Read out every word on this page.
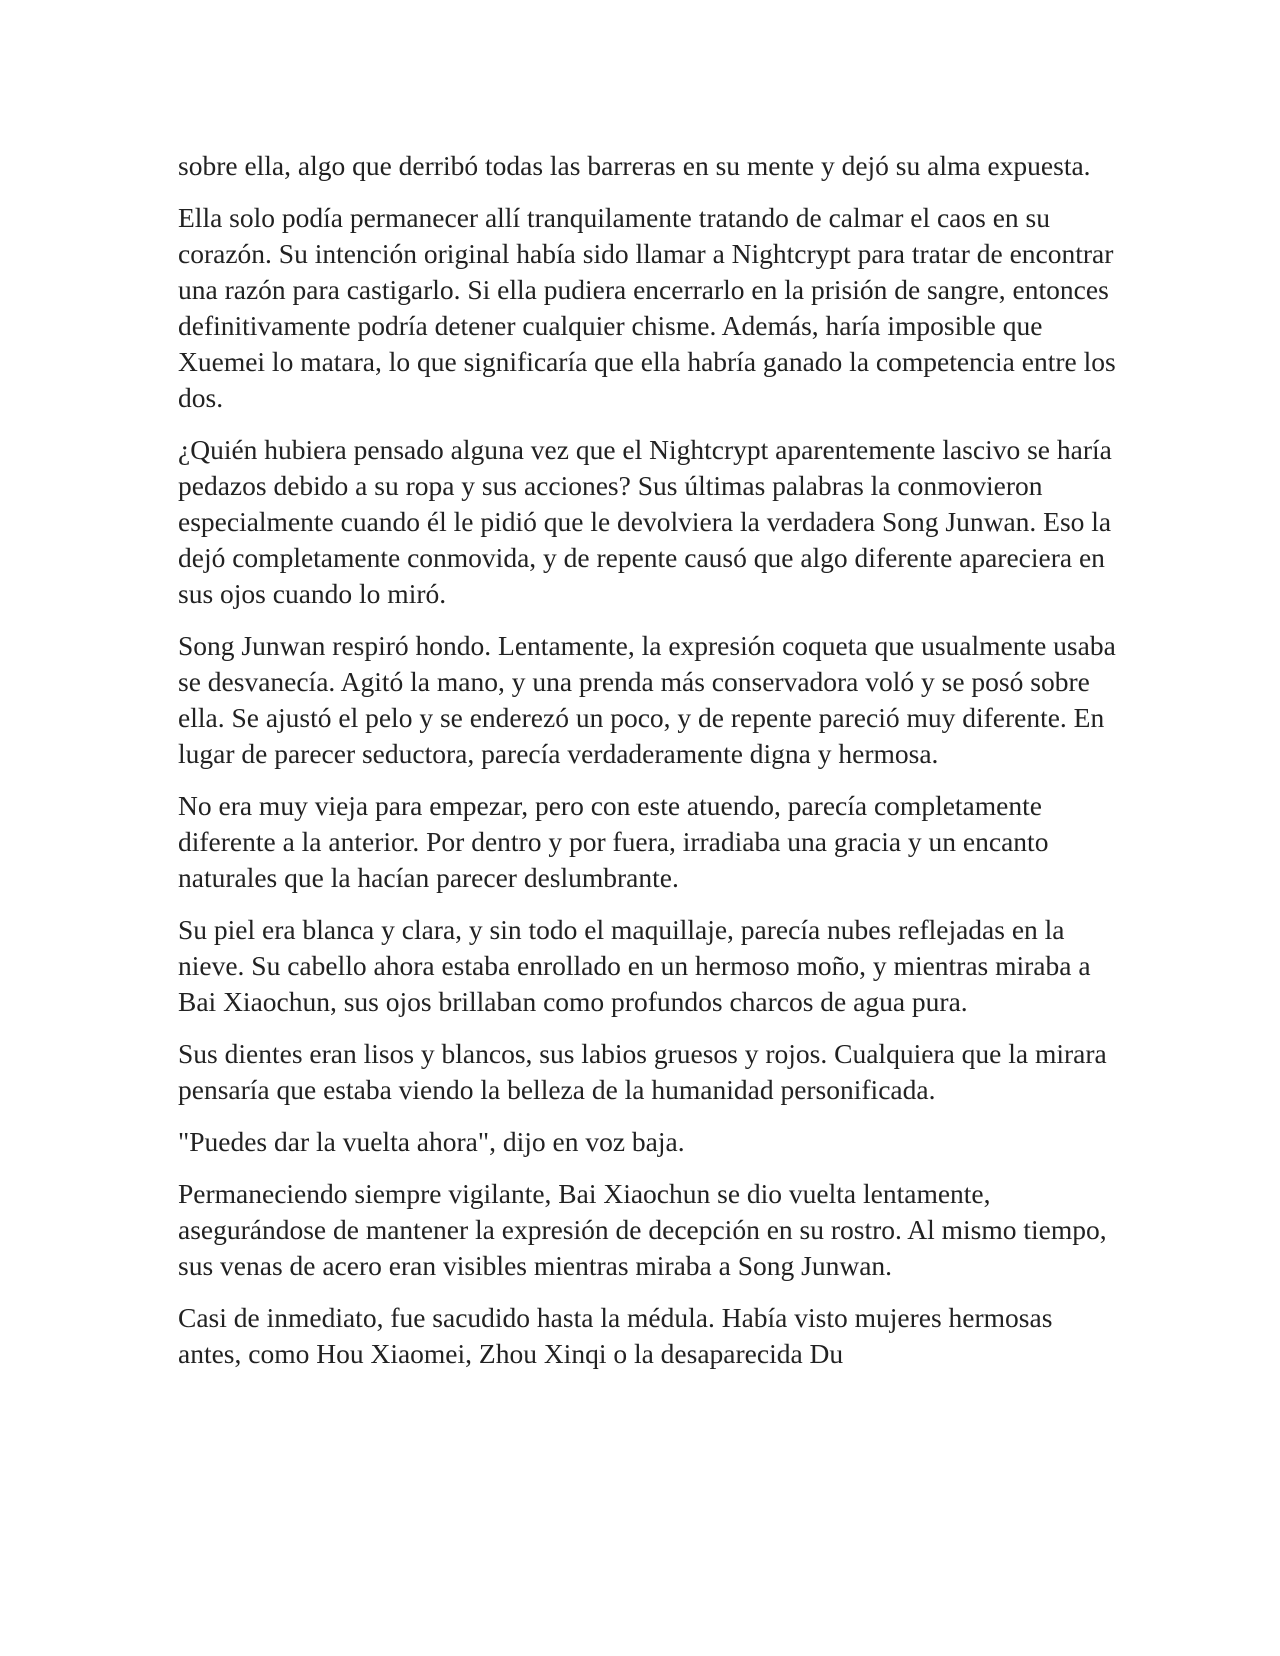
sobre ella, algo que derribó todas las barreras en su mente y dejó su alma expuesta.

Ella solo podía permanecer allí tranquilamente tratando de calmar el caos en su corazón. Su intención original había sido llamar a Nightcrypt para tratar de encontrar una razón para castigarlo. Si ella pudiera encerrarlo en la prisión de sangre, entonces definitivamente podría detener cualquier chisme. Además, haría imposible que Xuemei lo matara, lo que significaría que ella habría ganado la competencia entre los dos.

¿Quién hubiera pensado alguna vez que el Nightcrypt aparentemente lascivo se haría pedazos debido a su ropa y sus acciones? Sus últimas palabras la conmovieron especialmente cuando él le pidió que le devolviera la verdadera Song Junwan. Eso la dejó completamente conmovida, y de repente causó que algo diferente apareciera en sus ojos cuando lo miró.

Song Junwan respiró hondo. Lentamente, la expresión coqueta que usualmente usaba se desvanecía. Agitó la mano, y una prenda más conservadora voló y se posó sobre ella. Se ajustó el pelo y se enderezó un poco, y de repente pareció muy diferente. En lugar de parecer seductora, parecía verdaderamente digna y hermosa.

No era muy vieja para empezar, pero con este atuendo, parecía completamente diferente a la anterior. Por dentro y por fuera, irradiaba una gracia y un encanto naturales que la hacían parecer deslumbrante.

Su piel era blanca y clara, y sin todo el maquillaje, parecía nubes reflejadas en la nieve. Su cabello ahora estaba enrollado en un hermoso moño, y mientras miraba a Bai Xiaochun, sus ojos brillaban como profundos charcos de agua pura.

Sus dientes eran lisos y blancos, sus labios gruesos y rojos. Cualquiera que la mirara pensaría que estaba viendo la belleza de la humanidad personificada.

"Puedes dar la vuelta ahora", dijo en voz baja.

Permaneciendo siempre vigilante, Bai Xiaochun se dio vuelta lentamente, asegurándose de mantener la expresión de decepción en su rostro. Al mismo tiempo, sus venas de acero eran visibles mientras miraba a Song Junwan.

Casi de inmediato, fue sacudido hasta la médula. Había visto mujeres hermosas antes, como Hou Xiaomei, Zhou Xinqi o la desaparecida Du
